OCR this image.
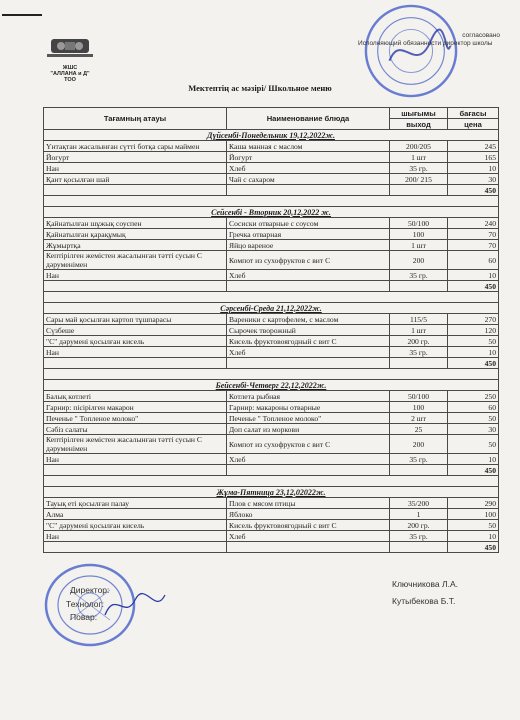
ЖШС
"АЛЛАНА и Д"
ТОО
согласовано
Исполняющий обязанности директор школы
Мектептің ас мәзірі/ Школьное меню
Тағамның атауы	Наименование блюда	шығымы	бағасы
		выход	цена
Дүйсенбі-Понедельник 19,12,2022ж.			
Үнтақтан жасалынған сүтті ботқа сары маймен	Каша манная с маслом	200/205	245
Йогурт	Йогурт	1 шт	165
Нан	Хлеб	35 гр.	10
Қант қосылған шай	Чай с сахаром	200/ 215	30
			450

Сейсенбі - Вторник 20,12,2022 ж.			
Қайнатылған шұжық соуспен	Сосиски отварные с соусом	50/100	240
Қайнатылған қарақұмық	Гречка отварная	100	70
Жұмыртқа	Яйцо вареное	1 шт	70
Кептірілген жемістен жасалынған тәтті сусын С дәруменімен	Компот из сухофруктов с вит С	200	60
Нан	Хлеб	35 гр.	10
			450

Сәрсенбі-Среда 21,12,2022ж.			
Сары май қосылған картоп тұшпарасы	Вареники с картофелем, с маслом	115/5	270
Сүзбеше	Сырочек творожный	1 шт	120
"С" дәрумені қосылған кисель	Кисель фруктовоягодный с вит С	200 гр.	50
Нан	Хлеб	35 гр.	10
			450

Бейсенбі-Четверг 22,12,2022ж.			
Балық котлеті	Котлета рыбная	50/100	250
Гарнир: пісірілген макарон	Гарнир: макароны отварные	100	60
Печенье " Топленое молоко"	Печенье " Топленое молоко"	2 шт	50
Сәбіз салаты	Доп салат из моркови	25	30
Кептірілген жемістен жасалынған тәтті сусын С дәруменімен	Компот из сухофруктов с вит С	200	50
Нан	Хлеб	35 гр.	10
			450

Жұма-Пятница 23,12,02022ж.			
Тауық еті қосылған палау	Плов с мясом птицы	35/200	290
Алма	Яблоко	1	100
"С" дәрумені қосылған кисель	Кисель фруктовоягодный с вит С	200 гр.	50
Нан	Хлеб	35 гр.	10
			450
Директор:
Технолог:
Повар:
Ключникова Л.А.
Кутыбекова Б.Т.
